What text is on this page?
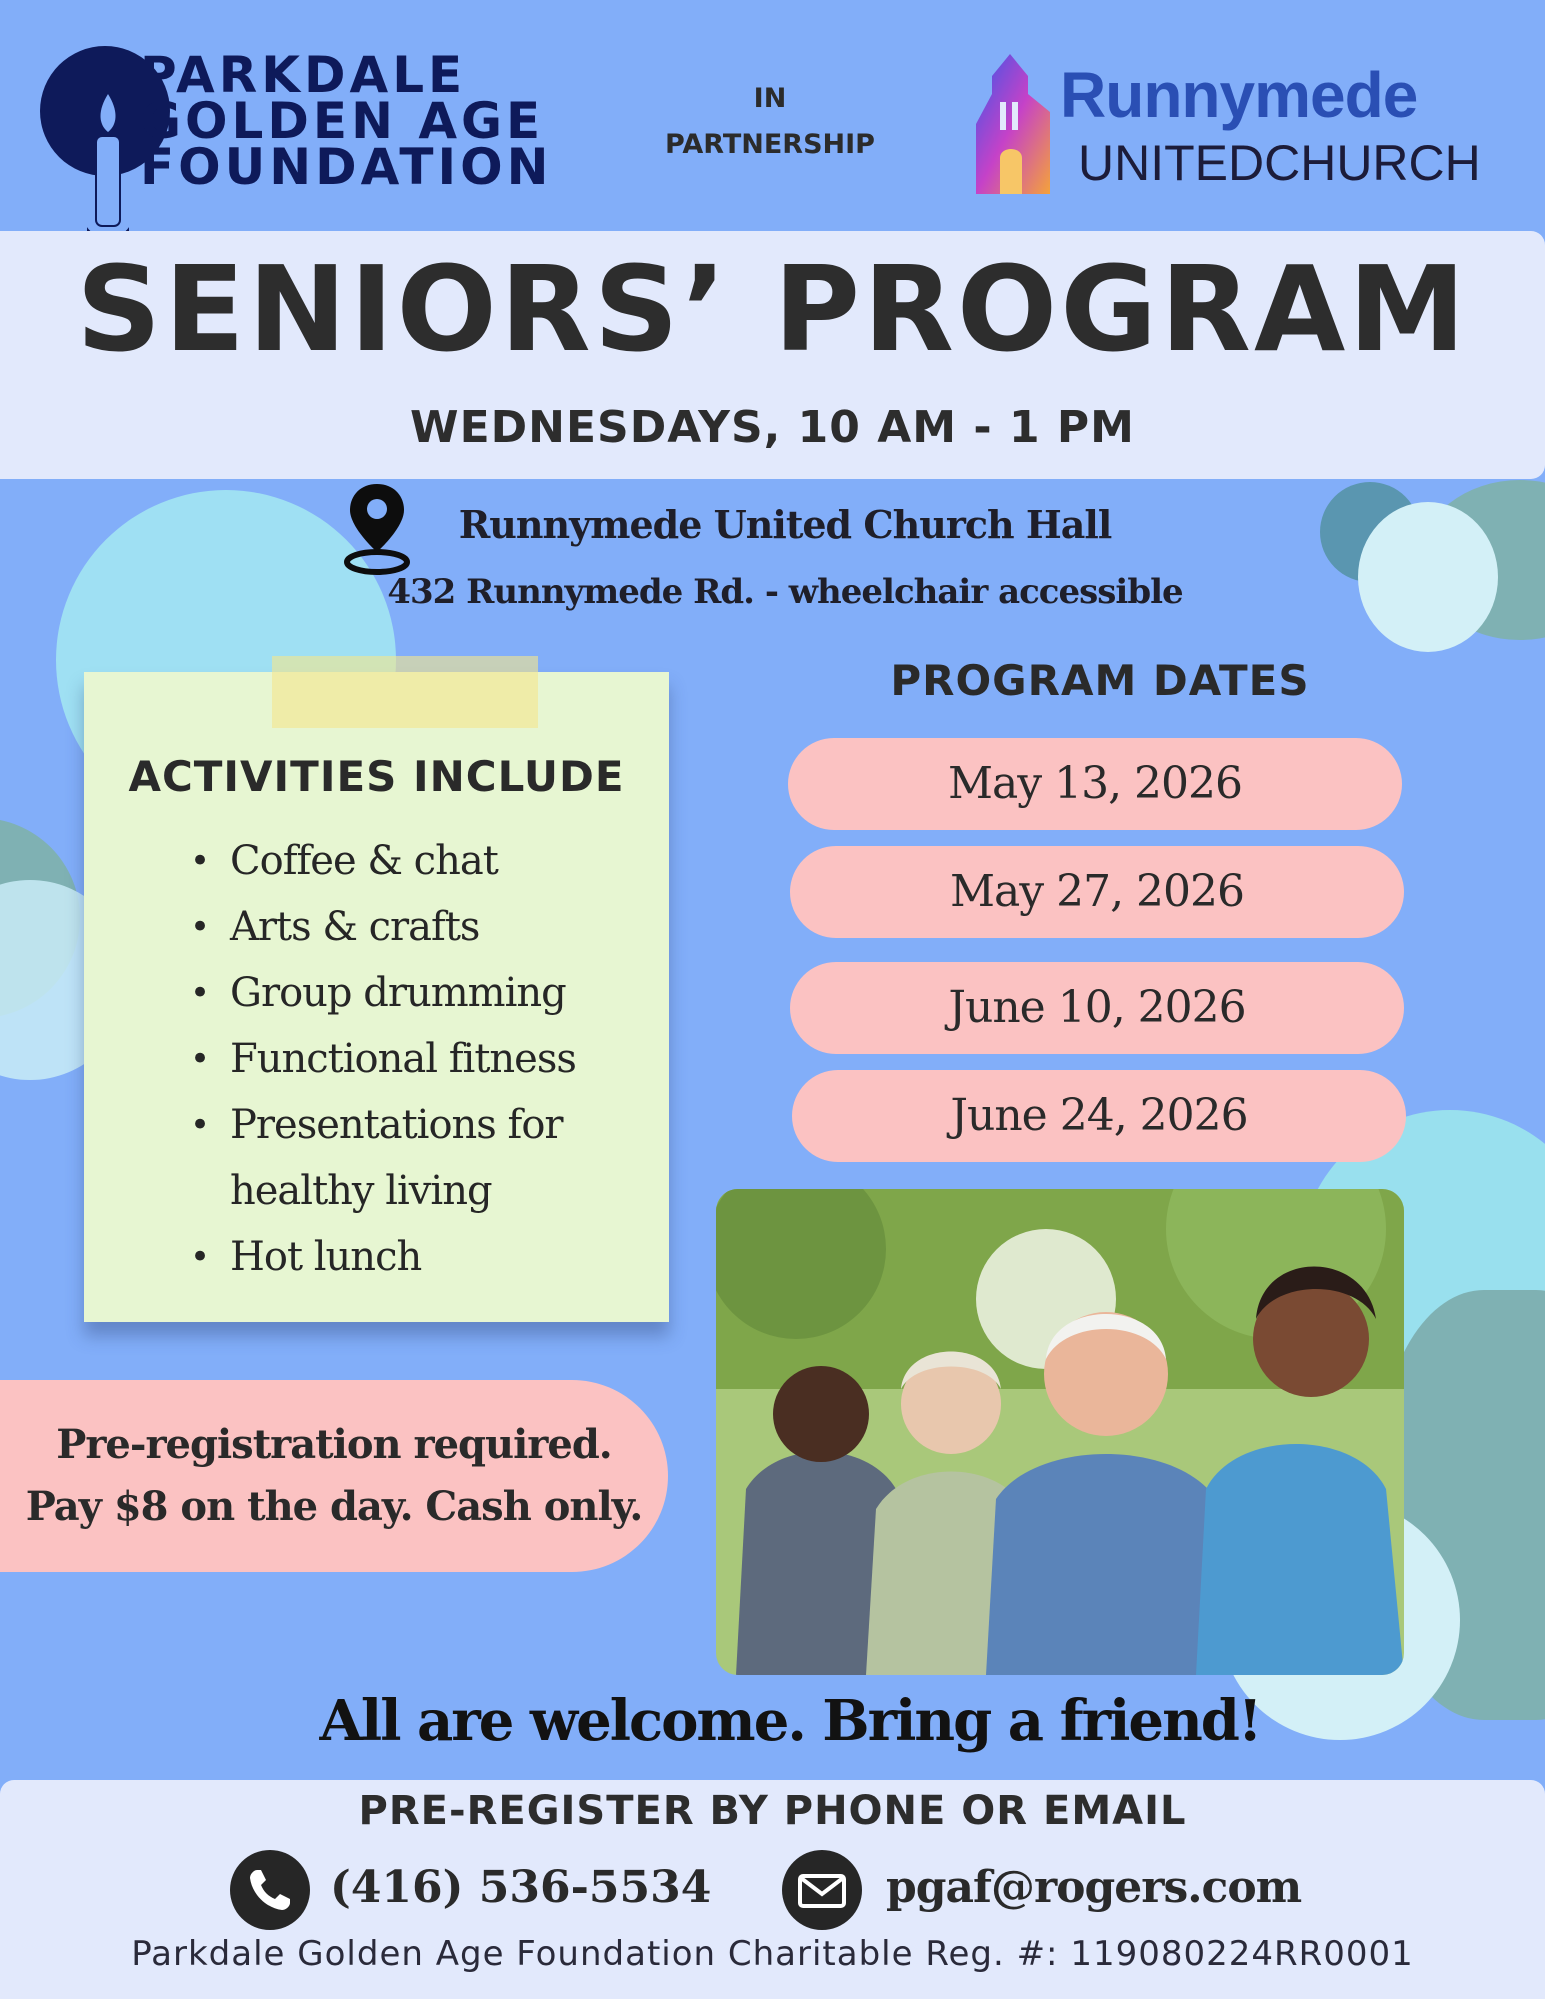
PARKDALE
GOLDEN AGE
FOUNDATION
IN
PARTNERSHIP
Runnymede
UNITEDCHURCH
SENIORS’ PROGRAM
WEDNESDAYS, 10 AM - 1 PM
Runnymede United Church Hall
432 Runnymede Rd. - wheelchair accessible
ACTIVITIES INCLUDE
• Coffee & chat
• Arts & crafts
• Group drumming
• Functional fitness
• Presentations for healthy living
• Hot lunch
PROGRAM DATES
May 13, 2026
May 27, 2026
June 10, 2026
June 24, 2026
Pre-registration required.
Pay $8 on the day. Cash only.
All are welcome. Bring a friend!
PRE-REGISTER BY PHONE OR EMAIL
(416) 536-5534	pgaf@rogers.com
Parkdale Golden Age Foundation Charitable Reg. #: 119080224RR0001
